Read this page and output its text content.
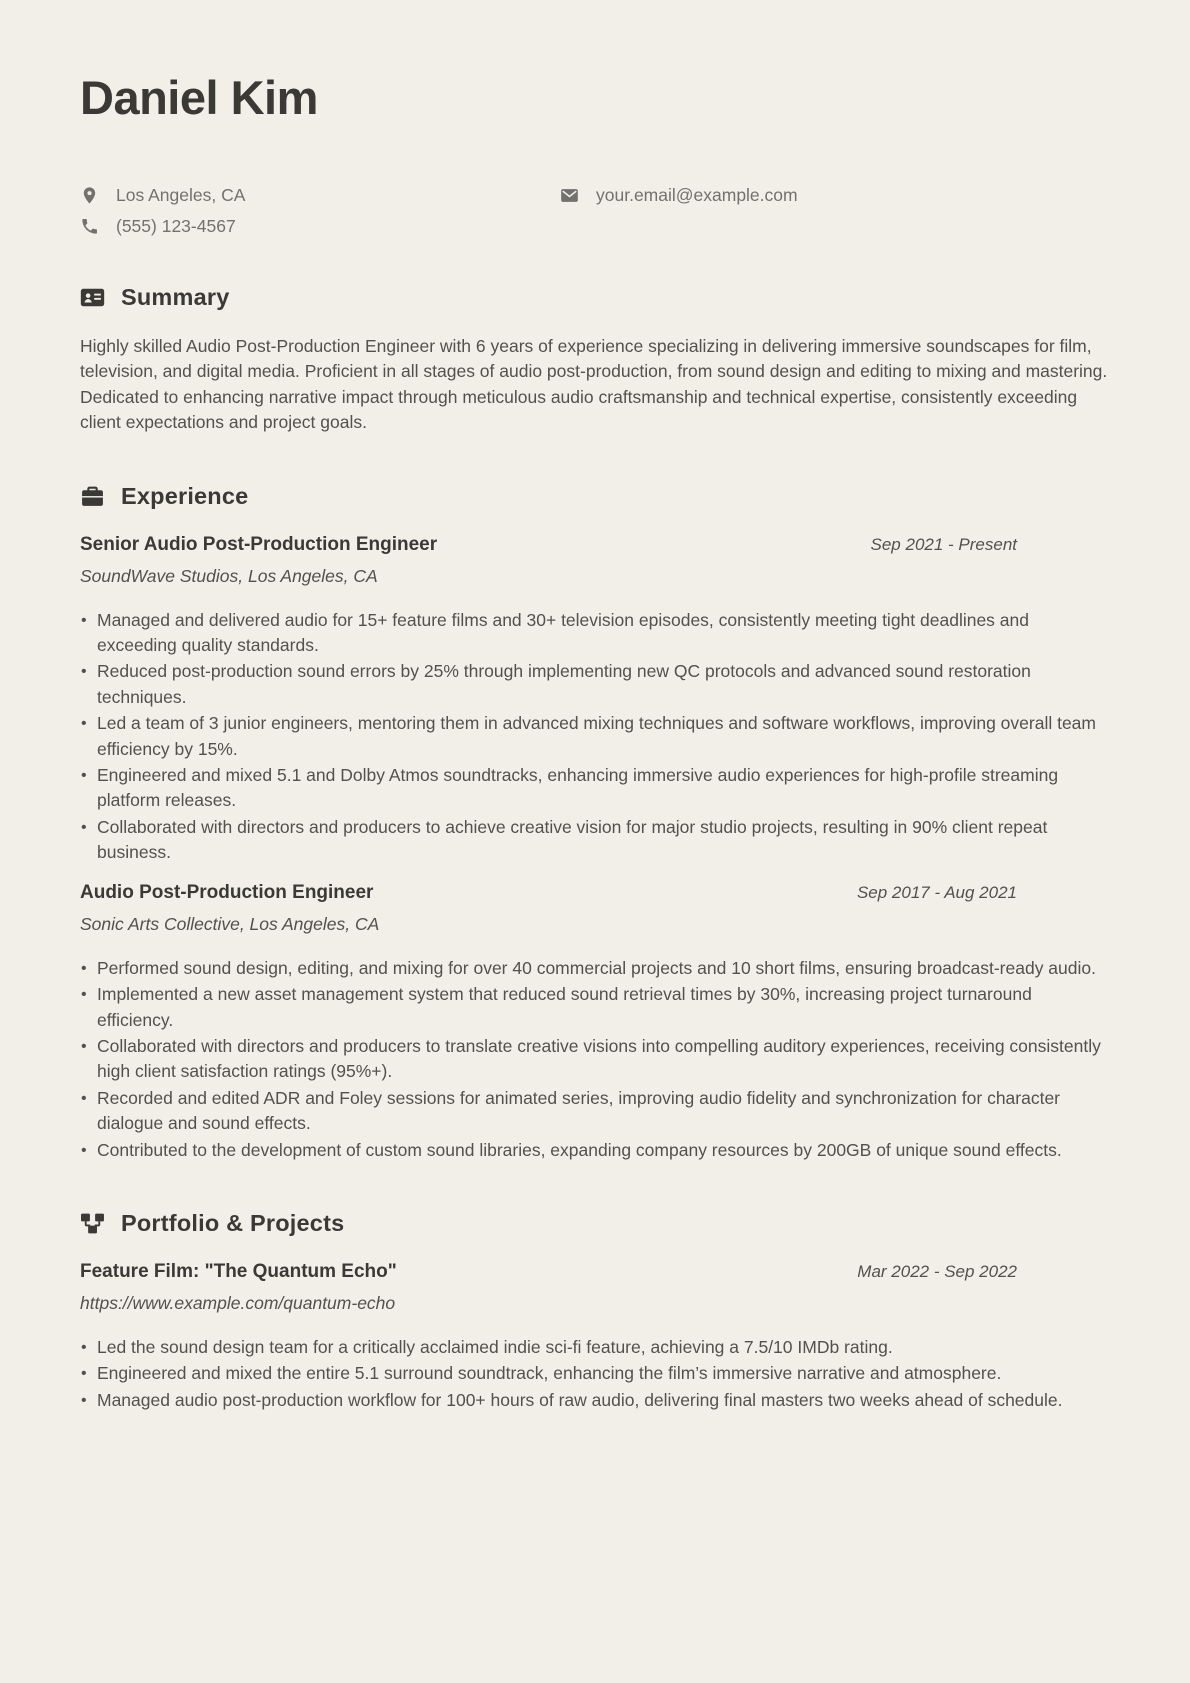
Daniel Kim
Los Angeles, CA
(555) 123-4567
your.email@example.com
Summary

Highly skilled Audio Post-Production Engineer with 6 years of experience specializing in delivering immersive soundscapes for film, television, and digital media. Proficient in all stages of audio post-production, from sound design and editing to mixing and mastering. Dedicated to enhancing narrative impact through meticulous audio craftsmanship and technical expertise, consistently exceeding client expectations and project goals.

Experience
Senior Audio Post-Production Engineer	Sep 2021 - Present
SoundWave Studios, Los Angeles, CA
• Managed and delivered audio for 15+ feature films and 30+ television episodes, consistently meeting tight deadlines and exceeding quality standards.
• Reduced post-production sound errors by 25% through implementing new QC protocols and advanced sound restoration techniques.
• Led a team of 3 junior engineers, mentoring them in advanced mixing techniques and software workflows, improving overall team efficiency by 15%.
• Engineered and mixed 5.1 and Dolby Atmos soundtracks, enhancing immersive audio experiences for high-profile streaming platform releases.
• Collaborated with directors and producers to achieve creative vision for major studio projects, resulting in 90% client repeat business.
Audio Post-Production Engineer	Sep 2017 - Aug 2021
Sonic Arts Collective, Los Angeles, CA
• Performed sound design, editing, and mixing for over 40 commercial projects and 10 short films, ensuring broadcast-ready audio.
• Implemented a new asset management system that reduced sound retrieval times by 30%, increasing project turnaround efficiency.
• Collaborated with directors and producers to translate creative visions into compelling auditory experiences, receiving consistently high client satisfaction ratings (95%+).
• Recorded and edited ADR and Foley sessions for animated series, improving audio fidelity and synchronization for character dialogue and sound effects.
• Contributed to the development of custom sound libraries, expanding company resources by 200GB of unique sound effects.
Portfolio & Projects
Feature Film: "The Quantum Echo"	Mar 2022 - Sep 2022
https://www.example.com/quantum-echo
• Led the sound design team for a critically acclaimed indie sci-fi feature, achieving a 7.5/10 IMDb rating.
• Engineered and mixed the entire 5.1 surround soundtrack, enhancing the film’s immersive narrative and atmosphere.
• Managed audio post-production workflow for 100+ hours of raw audio, delivering final masters two weeks ahead of schedule.
